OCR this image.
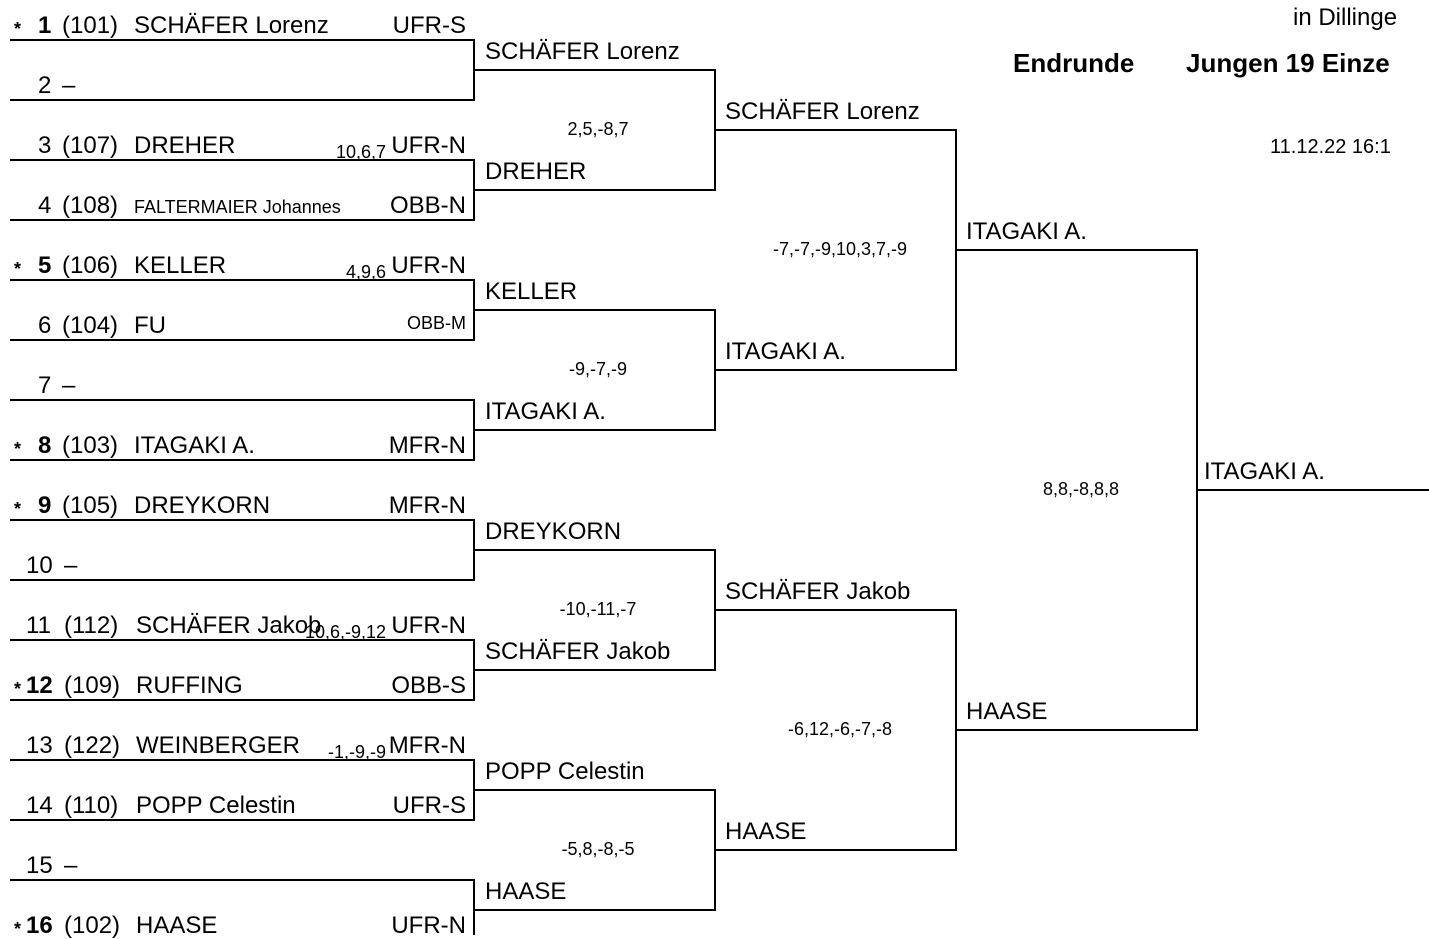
in Dillinge
Endrunde Jungen 19 Einze
11.12.22 16:1
* 1 (101) SCHÄFER Lorenz	UFR-S
2 –
3 (107) DREHER	UFR-N
10,6,7
4 (108) FALTERMAIER Johannes OBB-N
* 5 (106) KELLER	UFR-N
4,9,6
6 (104) FU	OBB-M
7 –
* 8 (103) ITAGAKI A.	MFR-N
* 9 (105) DREYKORN	MFR-N
10 –
11 (112) SCHÄFER Jakob	UFR-N
10,6,-9,12
* 12 (109) RUFFING	OBB-S
13 (122) WEINBERGER	MFR-N
-1,-9,-9
14 (110) POPP Celestin	UFR-S
15 –
* 16 (102) HAASE	UFR-N
SCHÄFER Lorenz
DREHER
KELLER
ITAGAKI A.
DREYKORN
SCHÄFER Jakob
POPP Celestin
HAASE
2,5,-8,7
-9,-7,-9
-10,-11,-7
-5,8,-8,-5
SCHÄFER Lorenz
ITAGAKI A.
SCHÄFER Jakob
HAASE
-7,-7,-9,10,3,7,-9
-6,12,-6,-7,-8
ITAGAKI A.
HAASE
8,8,-8,8,8
ITAGAKI A.
